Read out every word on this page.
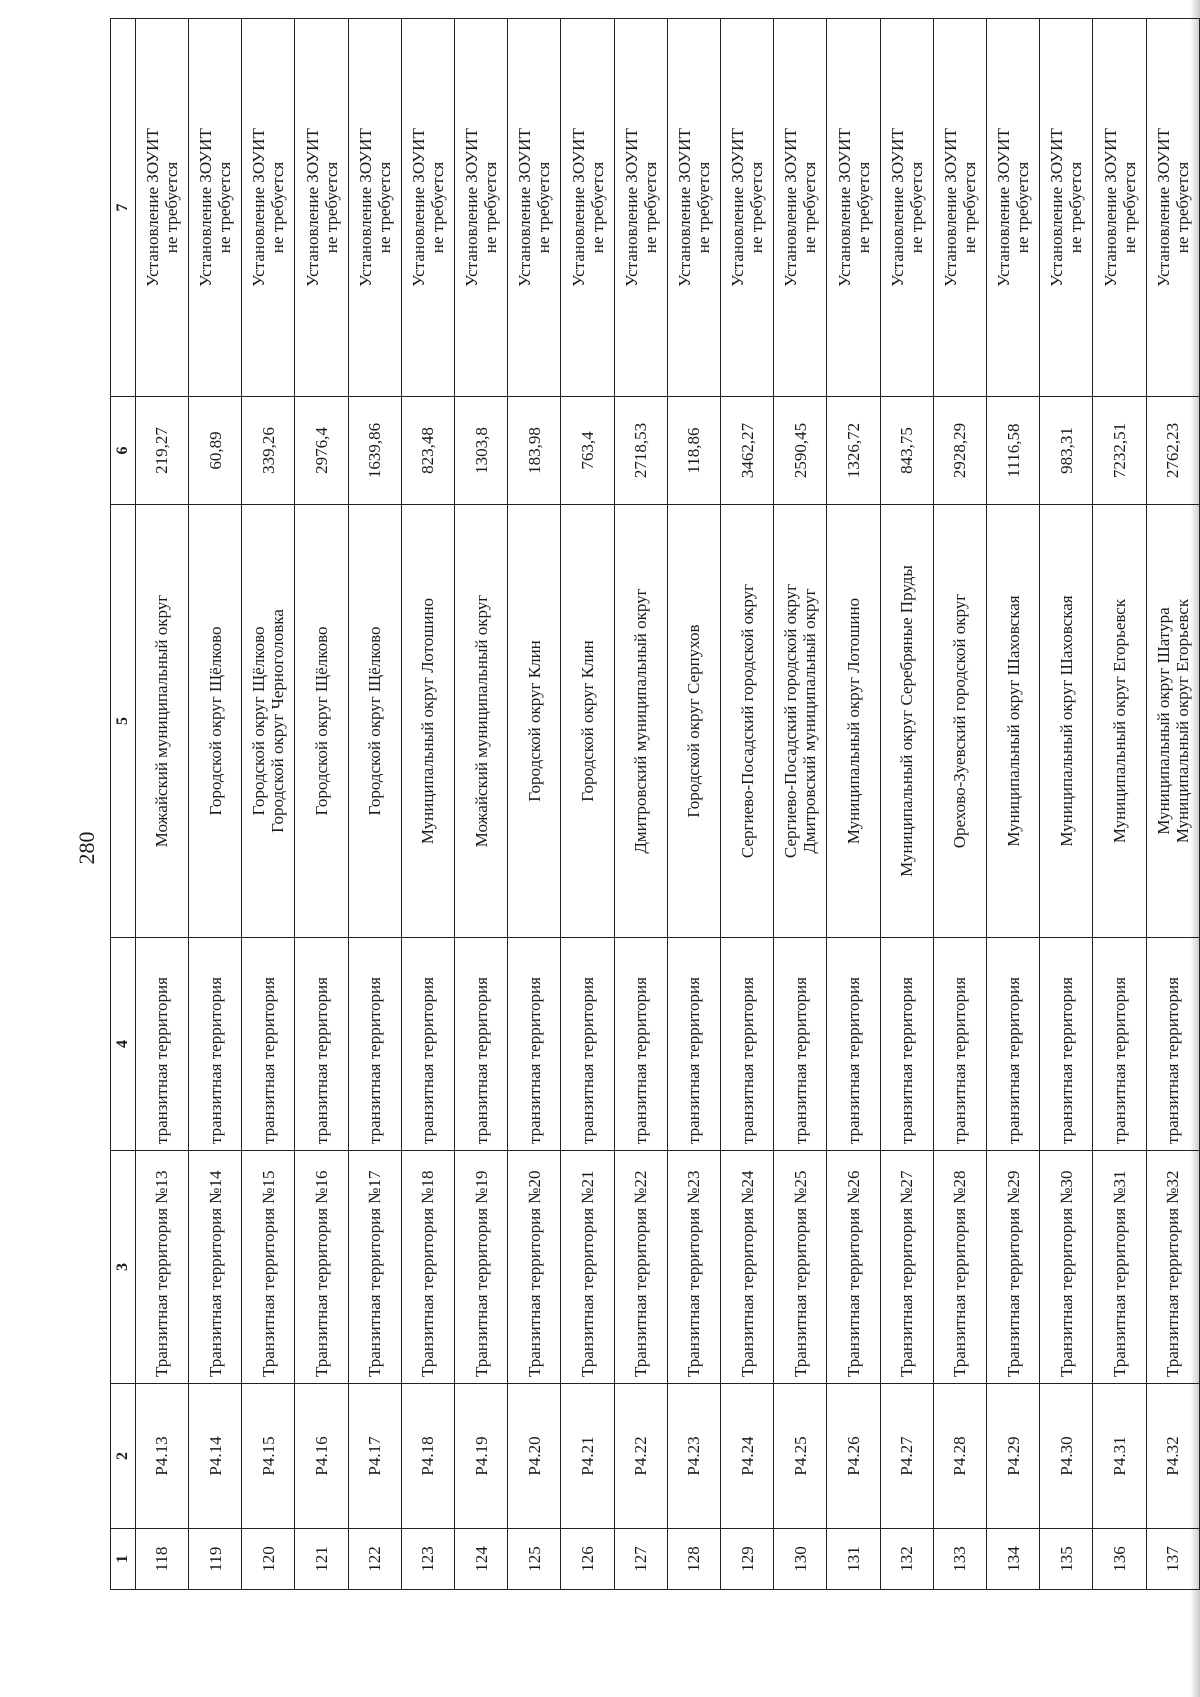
280
1	2	3	4	5	6	7
118	Р4.13	Транзитная территория №13	транзитная территория	Можайский муниципальный округ	219,27	Установление ЗОУИТ
не требуется
119	Р4.14	Транзитная территория №14	транзитная территория	Городской округ Щёлково	60,89	Установление ЗОУИТ
не требуется
120	Р4.15	Транзитная территория №15	транзитная территория	Городской округ Щёлково
Городской округ Черноголовка	339,26	Установление ЗОУИТ
не требуется
121	Р4.16	Транзитная территория №16	транзитная территория	Городской округ Щёлково	2976,4	Установление ЗОУИТ
не требуется
122	Р4.17	Транзитная территория №17	транзитная территория	Городской округ Щёлково	1639,86	Установление ЗОУИТ
не требуется
123	Р4.18	Транзитная территория №18	транзитная территория	Муниципальный округ Лотошино	823,48	Установление ЗОУИТ
не требуется
124	Р4.19	Транзитная территория №19	транзитная территория	Можайский муниципальный округ	1303,8	Установление ЗОУИТ
не требуется
125	Р4.20	Транзитная территория №20	транзитная территория	Городской округ Клин	183,98	Установление ЗОУИТ
не требуется
126	Р4.21	Транзитная территория №21	транзитная территория	Городской округ Клин	763,4	Установление ЗОУИТ
не требуется
127	Р4.22	Транзитная территория №22	транзитная территория	Дмитровский муниципальный округ	2718,53	Установление ЗОУИТ
не требуется
128	Р4.23	Транзитная территория №23	транзитная территория	Городской округ Серпухов	118,86	Установление ЗОУИТ
не требуется
129	Р4.24	Транзитная территория №24	транзитная территория	Сергиево-Посадский городской округ	3462,27	Установление ЗОУИТ
не требуется
130	Р4.25	Транзитная территория №25	транзитная территория	Сергиево-Посадский городской округ
Дмитровский муниципальный округ	2590,45	Установление ЗОУИТ
не требуется
131	Р4.26	Транзитная территория №26	транзитная территория	Муниципальный округ Лотошино	1326,72	Установление ЗОУИТ
не требуется
132	Р4.27	Транзитная территория №27	транзитная территория	Муниципальный округ Серебряные Пруды	843,75	Установление ЗОУИТ
не требуется
133	Р4.28	Транзитная территория №28	транзитная территория	Орехово-Зуевский городской округ	2928,29	Установление ЗОУИТ
не требуется
134	Р4.29	Транзитная территория №29	транзитная территория	Муниципальный округ Шаховская	1116,58	Установление ЗОУИТ
не требуется
135	Р4.30	Транзитная территория №30	транзитная территория	Муниципальный округ Шаховская	983,31	Установление ЗОУИТ
не требуется
136	Р4.31	Транзитная территория №31	транзитная территория	Муниципальный округ Егорьевск	7232,51	Установление ЗОУИТ
не требуется
137	Р4.32	Транзитная территория №32	транзитная территория	Муниципальный округ Шатура
Муниципальный округ Егорьевск	2762,23	Установление ЗОУИТ
не требуется
